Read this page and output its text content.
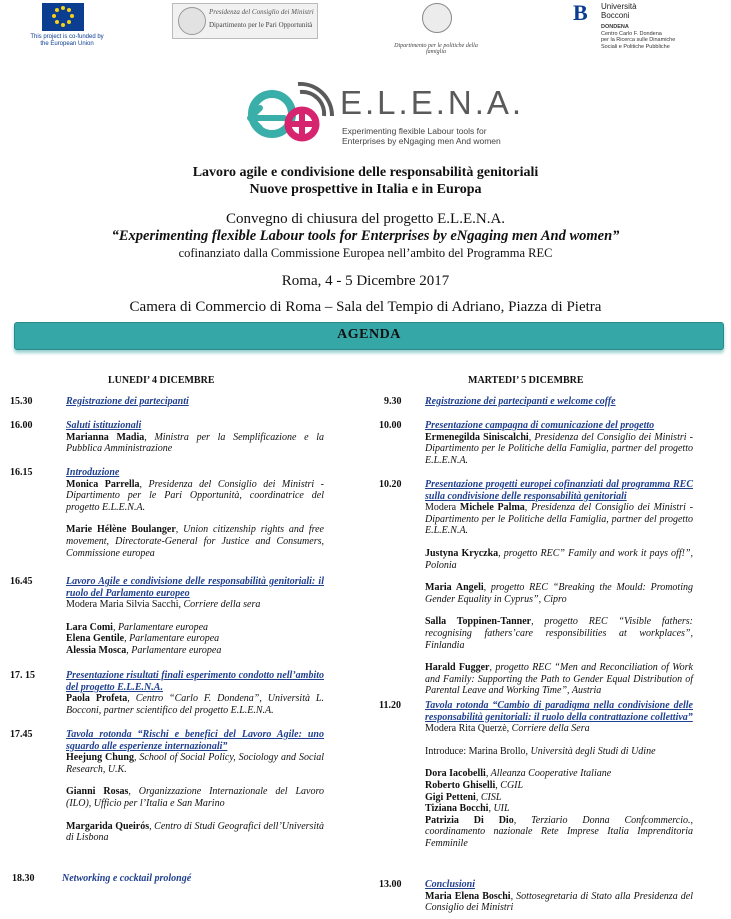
This project is co-funded by
the European Union
Presidenza del Consiglio dei Ministri
Dipartimento per le Pari Opportunità
Dipartimento per le politiche della famiglia
B Università
Bocconi
DONDENA
Centro Carlo F. Dondena
per la Ricerca sulle Dinamiche
Sociali e Politiche Pubbliche
E.L.E.N.A.
Experimenting flexible Labour tools for
Enterprises by eNgaging men And women
Lavoro agile e condivisione delle responsabilità genitoriali
Nuove prospettive in Italia e in Europa
Convegno di chiusura del progetto E.L.E.N.A.
“Experimenting flexible Labour tools for Enterprises by eNgaging men And women”
cofinanziato dalla Commissione Europea nell’ambito del Programma REC
Roma, 4 - 5 Dicembre 2017
Camera di Commercio di Roma – Sala del Tempio di Adriano, Piazza di Pietra
AGENDA
LUNEDI’ 4 DICEMBRE	MARTEDI’ 5 DICEMBRE
15.30	Registrazione dei partecipanti

16.00	Saluti istituzionali

Marianna Madia, Ministra per la Semplificazione e la Pubblica Amministrazione

16.15	Introduzione

Monica Parrella, Presidenza del Consiglio dei Ministri - Dipartimento per le Pari Opportunità, coordinatrice del progetto E.L.E.N.A.

Marie Hélène Boulanger, Union citizenship rights and free movement, Directorate-General for Justice and Consumers, Commissione europea

16.45	Lavoro Agile e condivisione delle responsabilità genitoriali: il ruolo del Parlamento europeo

Modera Maria Silvia Sacchi, Corriere della sera

Lara Comi, Parlamentare europea

Elena Gentile, Parlamentare europea

Alessia Mosca, Parlamentare europea

17. 15	Presentazione risultati finali esperimento condotto nell’ambito del progetto E.L.E.N.A.

Paola Profeta, Centro “Carlo F. Dondena”, Università L. Bocconi, partner scientifico del progetto E.L.E.N.A.

17.45	Tavola rotonda “Rischi e benefici del Lavoro Agile: uno sguardo alle esperienze internazionali”

Heejung Chung, School of Social Policy, Sociology and Social Research, U.K.

Gianni Rosas, Organizzazione Internazionale del Lavoro (ILO), Ufficio per l’Italia e San Marino

Margarida Queirós, Centro di Studi Geografici dell’Università di Lisbona

18.30	Networking e cocktail prolongé

9.30 Registrazione dei partecipanti e welcome coffe

10.00 Presentazione campagna di comunicazione del progetto

Ermenegilda Siniscalchi, Presidenza del Consiglio dei Ministri - Dipartimento per le Politiche della Famiglia, partner del progetto E.L.E.N.A.

10.20 Presentazione progetti europei cofinanziati dal programma REC sulla condivisione delle responsabilità genitoriali

Modera Michele Palma, Presidenza del Consiglio dei Ministri - Dipartimento per le Politiche della Famiglia, partner del progetto E.L.E.N.A.

Justyna Kryczka, progetto REC” Family and work it pays off!”, Polonia

Maria Angeli, progetto REC “Breaking the Mould: Promoting Gender Equality in Cyprus”, Cipro

Salla Toppinen-Tanner, progetto REC “Visible fathers: recognising fathers’care responsibilities at workplaces”, Finlandia

Harald Fugger, progetto REC “Men and Reconciliation of Work and Family: Supporting the Path to Gender Equal Distribution of Parental Leave and Working Time”, Austria

11.20 Tavola rotonda “Cambio di paradigma nella condivisione delle responsabilità genitoriali: il ruolo della contrattazione collettiva”

Modera Rita Querzè, Corriere della Sera

Introduce: Marina Brollo, Università degli Studi di Udine

Dora Iacobelli, Alleanza Cooperative Italiane

Roberto Ghiselli, CGIL

Gigi Petteni, CISL

Tiziana Bocchi, UIL

Patrizia Di Dio, Terziario Donna Confcommercio., coordinamento nazionale Rete Imprese Italia Imprenditoria Femminile

13.00 Conclusioni

Maria Elena Boschi, Sottosegretaria di Stato alla Presidenza del Consiglio dei Ministri
